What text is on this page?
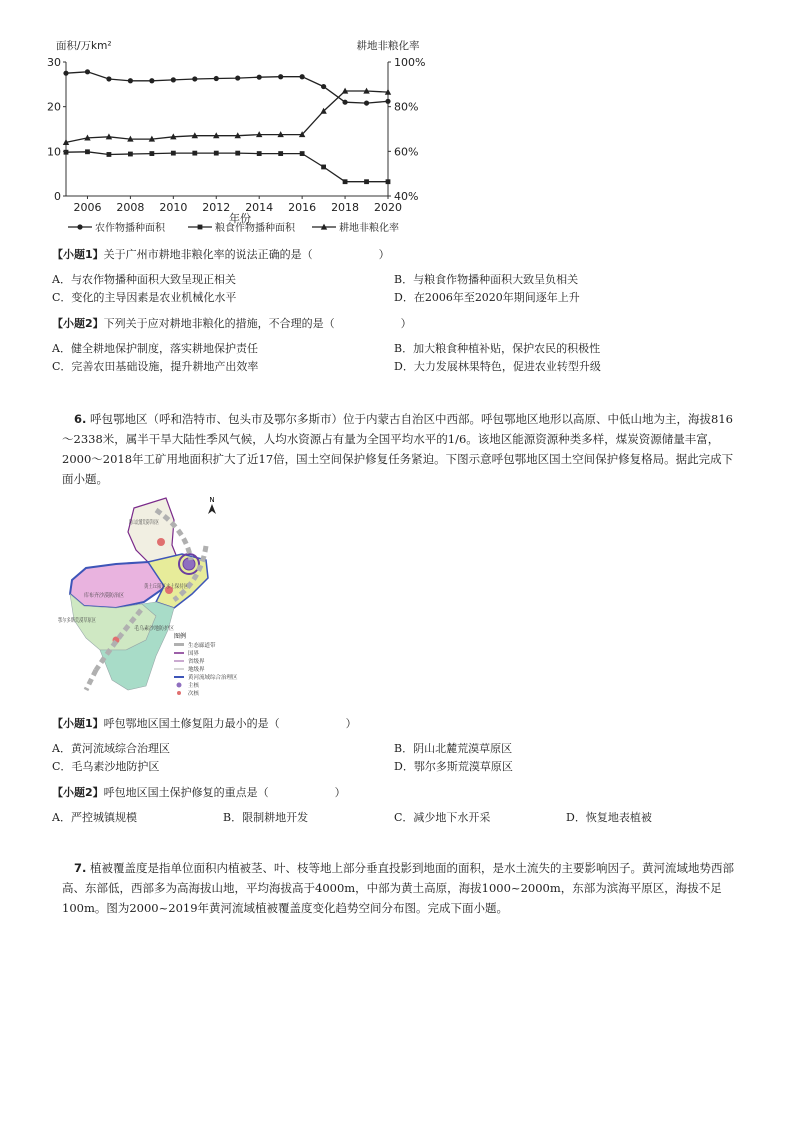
面积/万km²	耕地非粮化率
0
10
20
30
40%
60%
80%
100%
2006 2008 2010 2012 2014 2016 2018 2020
年份
农作物播种面积	粮食作物播种面积	耕地非粮化率
【小题1】关于广州市耕地非粮化率的说法正确的是（　　　　　　）
A．与农作物播种面积大致呈现正相关	B．与粮食作物播种面积大致呈负相关
C．变化的主导因素是农业机械化水平	D．在2006年至2020年期间逐年上升
【小题2】下列关于应对耕地非粮化的措施，不合理的是（　　　　　　）
A．健全耕地保护制度，落实耕地保护责任	B．加大粮食种植补贴，保护农民的积极性
C．完善农田基础设施，提升耕地产出效率	D．大力发展林果特色，促进农业转型升级
6. 呼包鄂地区（呼和浩特市、包头市及鄂尔多斯市）位于内蒙古自治区中西部。呼包鄂地区地形以高原、中低山地为主，海拔816～2338米，属半干旱大陆性季风气候，人均水资源占有量为全国平均水平的1/6。该地区能源资源种类多样，煤炭资源储量丰富，2000～2018年工矿用地面积扩大了近17倍，国土空间保护修复任务紧迫。下图示意呼包鄂地区国土空间保护修复格局。据此完成下面小题。
N
阴山北麓荒漠草原区
库布齐沙漠防治区
鄂尔多斯荒漠草原区
黄土丘陵区水土保持区
毛乌素沙地防护区
图例
生态廊道带
国界
省级界
地级界
黄河流域综合治理区
主核
次核
【小题1】呼包鄂地区国土修复阻力最小的是（　　　　　　）
A．黄河流域综合治理区	B．阴山北麓荒漠草原区
C．毛乌素沙地防护区	D．鄂尔多斯荒漠草原区
【小题2】呼包地区国土保护修复的重点是（　　　　　　）
A．严控城镇规模	B．限制耕地开发	C．减少地下水开采	D．恢复地表植被
7. 植被覆盖度是指单位面积内植被茎、叶、枝等地上部分垂直投影到地面的面积，是水土流失的主要影响因子。黄河流域地势西部高、东部低，西部多为高海拔山地，平均海拔高于4000m，中部为黄土高原，海拔1000~2000m，东部为滨海平原区，海拔不足100m。图为2000~2019年黄河流域植被覆盖度变化趋势空间分布图。完成下面小题。
